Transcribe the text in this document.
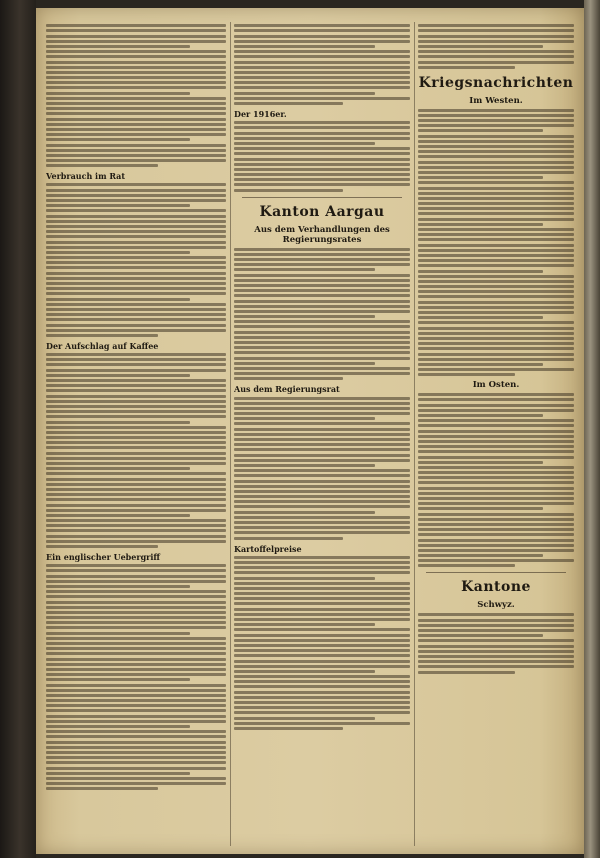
Verbrauch im Rat
Der Aufschlag auf Kaffee
Ein englischer Uebergriff
Der 1916er.
Kanton Aargau
Aus dem Verhandlungen des Regierungsrates
Aus dem Regierungsrat
Kartoffelpreise
Kriegsnachrichten
Im Westen.
Im Osten.
Kantone
Schwyz.
